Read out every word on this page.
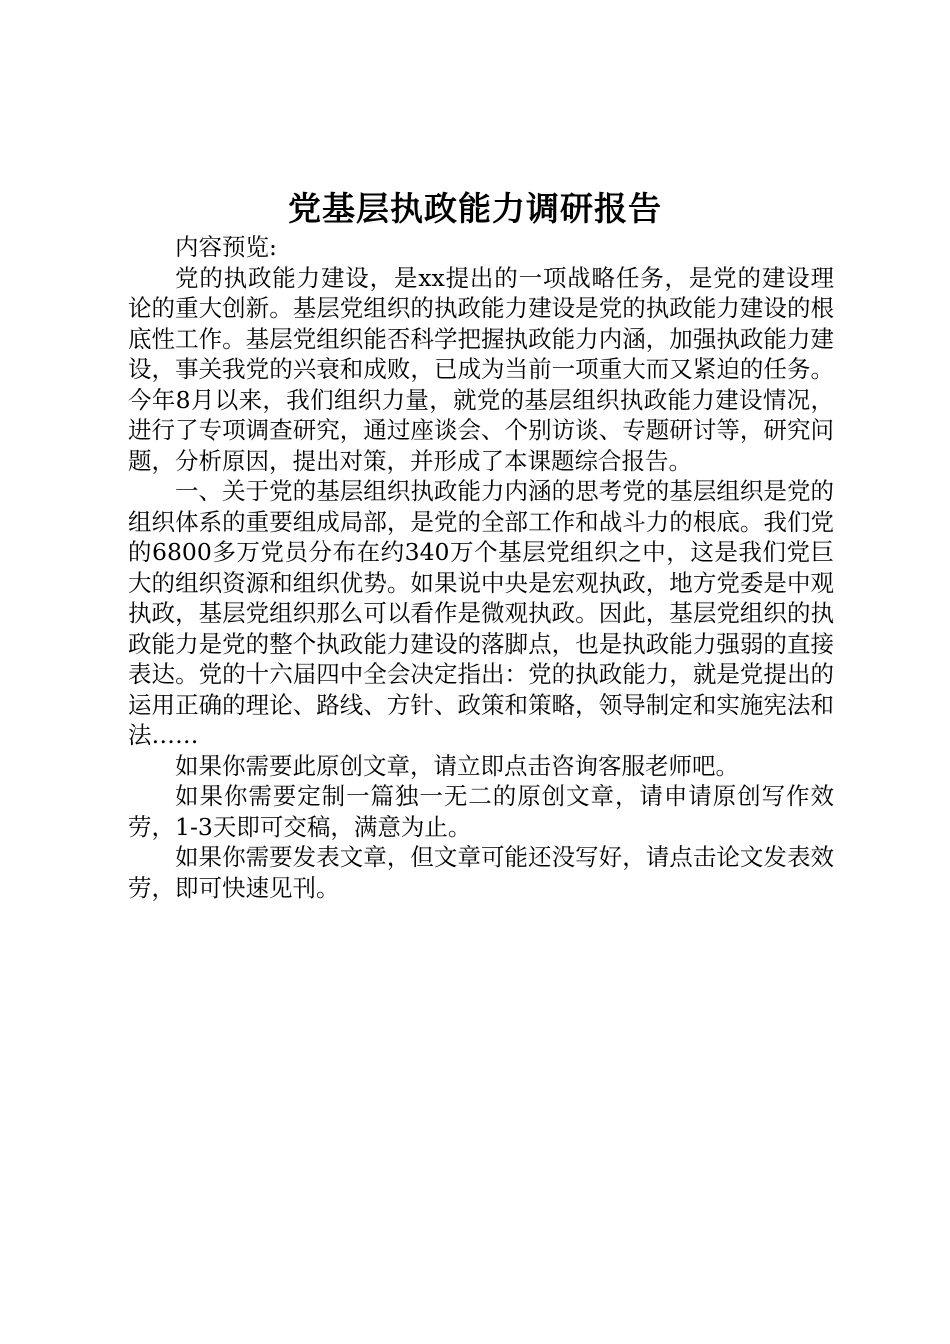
党基层执政能力调研报告

内容预览:

党的执政能力建设，是xx提出的一项战略任务，是党的建设理论的重大创新。基层党组织的执政能力建设是党的执政能力建设的根底性工作。基层党组织能否科学把握执政能力内涵，加强执政能力建设，事关我党的兴衰和成败，已成为当前一项重大而又紧迫的任务。今年8月以来，我们组织力量，就党的基层组织执政能力建设情况，进行了专项调查研究，通过座谈会、个别访谈、专题研讨等，研究问题，分析原因，提出对策，并形成了本课题综合报告。

一、关于党的基层组织执政能力内涵的思考党的基层组织是党的组织体系的重要组成局部，是党的全部工作和战斗力的根底。我们党的6800多万党员分布在约340万个基层党组织之中，这是我们党巨大的组织资源和组织优势。如果说中央是宏观执政，地方党委是中观执政，基层党组织那么可以看作是微观执政。因此，基层党组织的执政能力是党的整个执政能力建设的落脚点，也是执政能力强弱的直接表达。党的十六届四中全会决定指出：党的执政能力，就是党提出的运用正确的理论、路线、方针、政策和策略，领导制定和实施宪法和法……

如果你需要此原创文章，请立即点击咨询客服老师吧。

如果你需要定制一篇独一无二的原创文章，请申请原创写作效劳，1-3天即可交稿，满意为止。

如果你需要发表文章，但文章可能还没写好，请点击论文发表效劳，即可快速见刊。
